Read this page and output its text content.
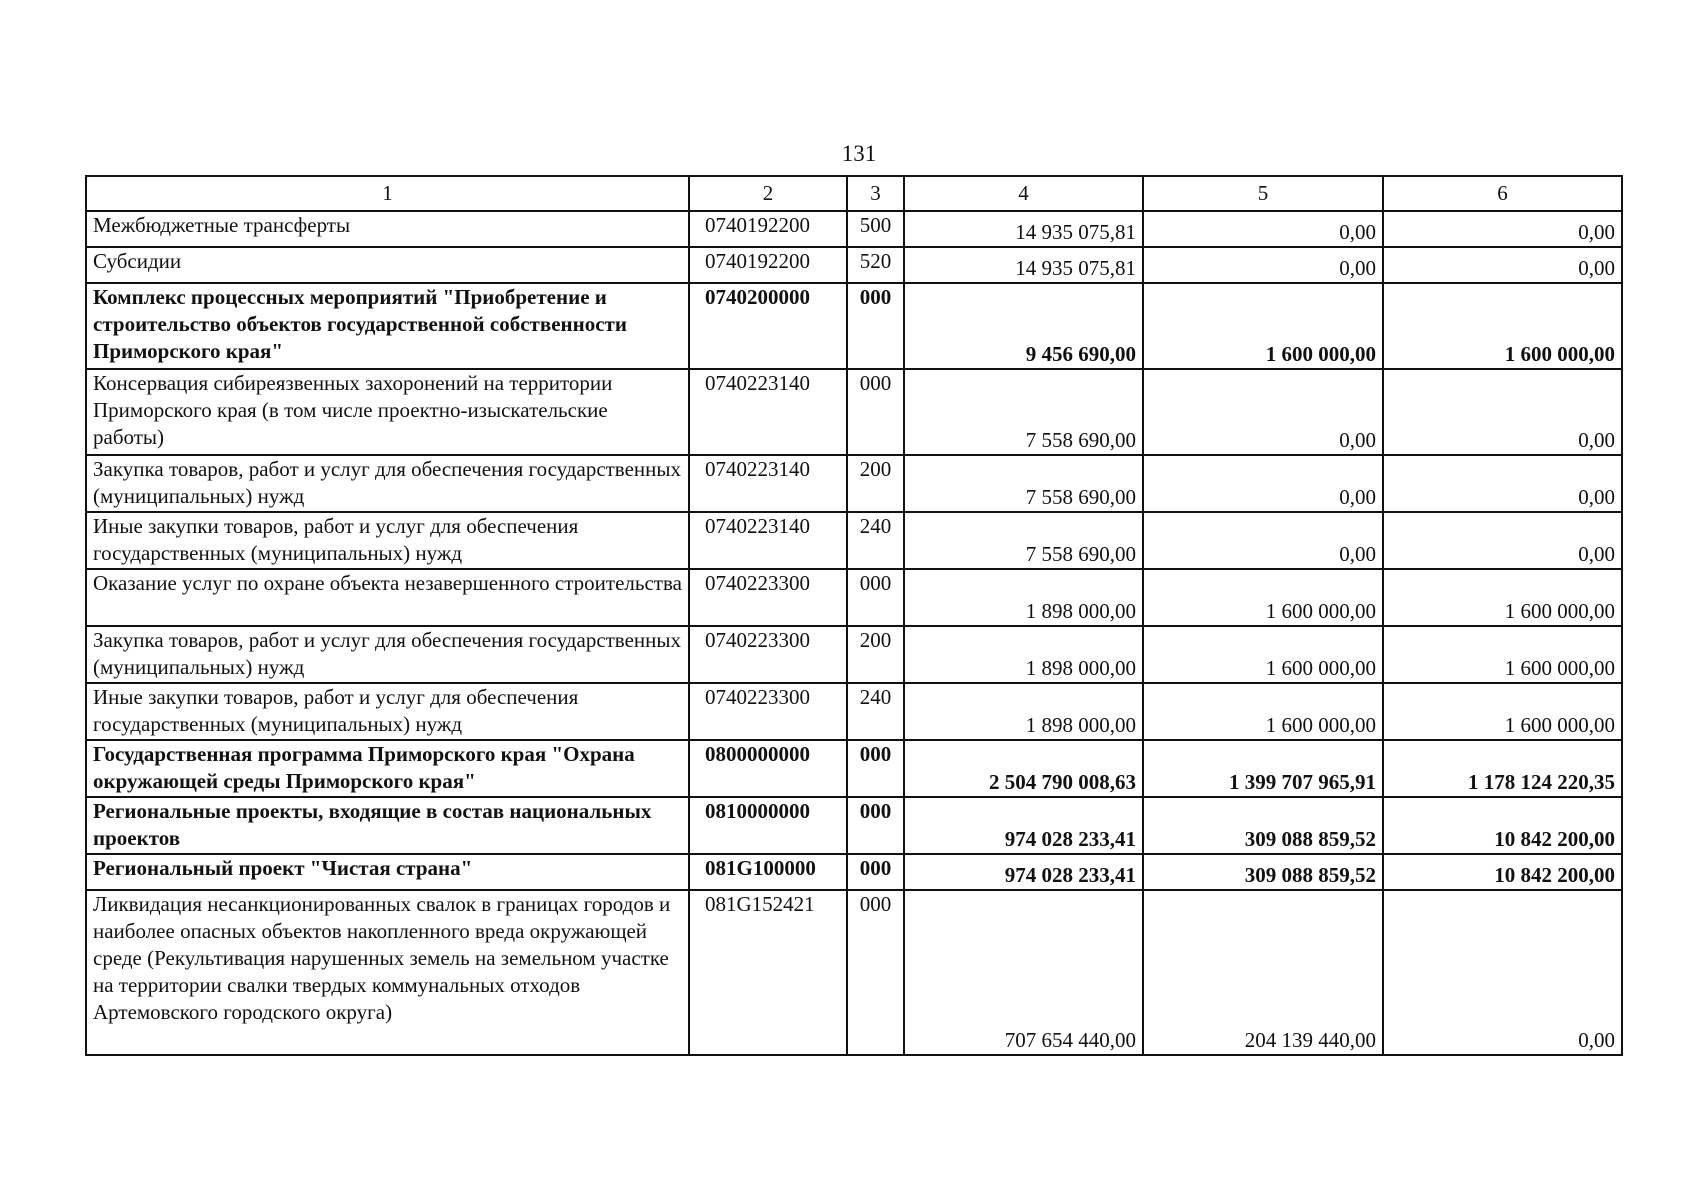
131
1	2	3	4	5	6
Межбюджетные трансферты	0740192200	500	14 935 075,81	0,00	0,00
Субсидии	0740192200	520	14 935 075,81	0,00	0,00
Комплекс процессных мероприятий "Приобретение и строительство объектов государственной собственности Приморского края"	0740200000	000	9 456 690,00	1 600 000,00	1 600 000,00
Консервация сибиреязвенных захоронений на территории Приморского края (в том числе проектно-изыскательские работы)	0740223140	000	7 558 690,00	0,00	0,00
Закупка товаров, работ и услуг для обеспечения государственных (муниципальных) нужд	0740223140	200	7 558 690,00	0,00	0,00
Иные закупки товаров, работ и услуг для обеспечения государственных (муниципальных) нужд	0740223140	240	7 558 690,00	0,00	0,00
Оказание услуг по охране объекта незавершенного строительства	0740223300	000	1 898 000,00	1 600 000,00	1 600 000,00
Закупка товаров, работ и услуг для обеспечения государственных (муниципальных) нужд	0740223300	200	1 898 000,00	1 600 000,00	1 600 000,00
Иные закупки товаров, работ и услуг для обеспечения государственных (муниципальных) нужд	0740223300	240	1 898 000,00	1 600 000,00	1 600 000,00
Государственная программа Приморского края "Охрана окружающей среды Приморского края"	0800000000	000	2 504 790 008,63	1 399 707 965,91	1 178 124 220,35
Региональные проекты, входящие в состав национальных проектов	0810000000	000	974 028 233,41	309 088 859,52	10 842 200,00
Региональный проект "Чистая страна"	081G100000	000	974 028 233,41	309 088 859,52	10 842 200,00
Ликвидация несанкционированных свалок в границах городов и наиболее опасных объектов накопленного вреда окружающей среде (Рекультивация нарушенных земель на земельном участке на территории свалки твердых коммунальных отходов Артемовского городского округа)	081G152421	000	707 654 440,00	204 139 440,00	0,00
